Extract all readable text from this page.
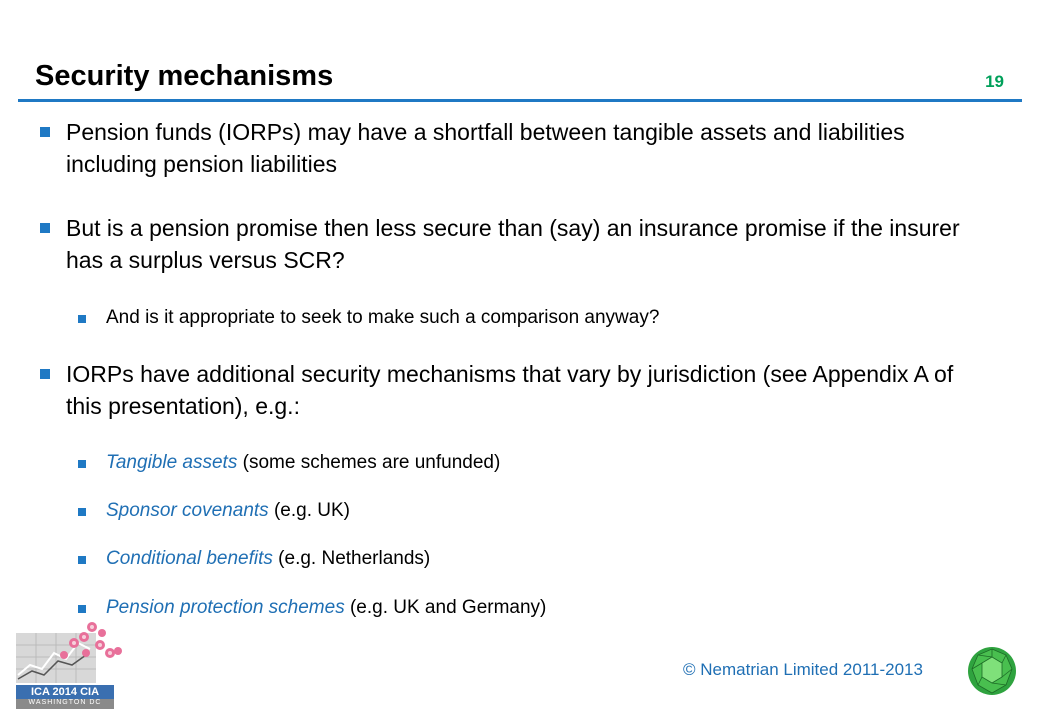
Security mechanisms	19
Pension funds (IORPs) may have a shortfall between tangible assets and liabilities including pension liabilities
But is a pension promise then less secure than (say) an insurance promise if the insurer has a surplus versus SCR?
And is it appropriate to seek to make such a comparison anyway?
IORPs have additional security mechanisms that vary by jurisdiction (see Appendix A of this presentation), e.g.:
Tangible assets (some schemes are unfunded)
Sponsor covenants (e.g. UK)
Conditional benefits (e.g. Netherlands)
Pension protection schemes (e.g. UK and Germany)
ICA 2014 CIA
WASHINGTON DC
© Nematrian Limited 2011-2013
